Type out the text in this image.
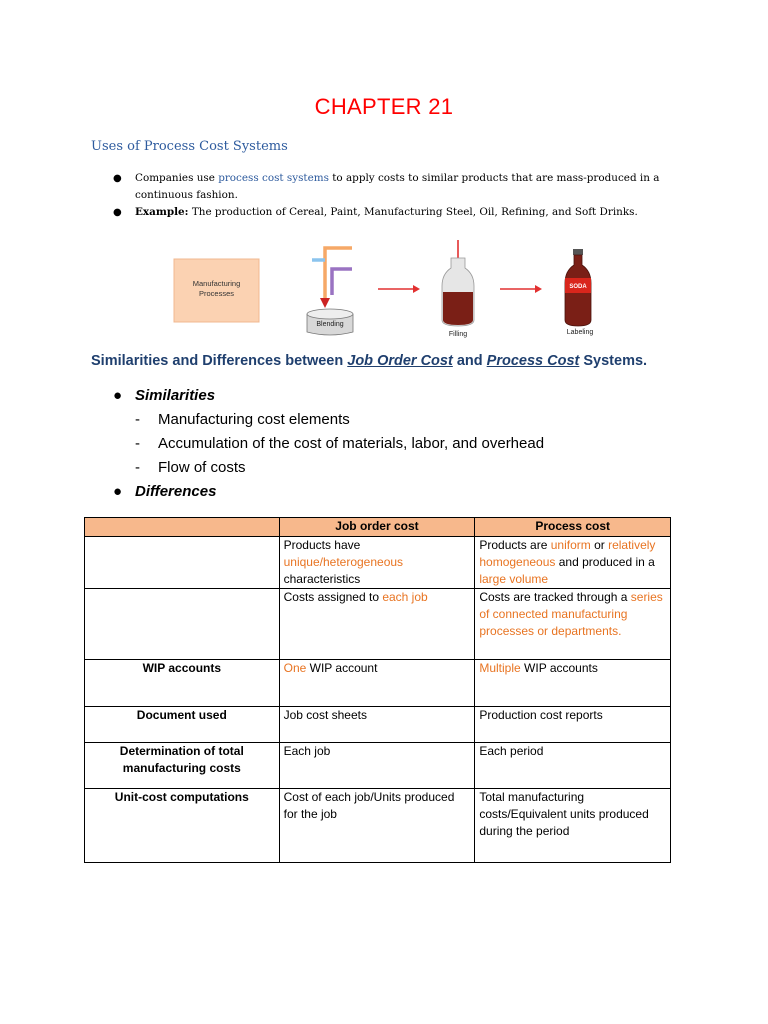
CHAPTER 21
Uses of Process Cost Systems
● Companies use process cost systems to apply costs to similar products that are mass-produced in a continuous fashion.
● Example: The production of Cereal, Paint, Manufacturing Steel, Oil, Refining, and Soft Drinks.
Manufacturing
Processes
Blending
Filling
SODA
Labeling
Similarities and Differences between Job Order Cost and Process Cost Systems.
● Similarities
- Manufacturing cost elements
- Accumulation of the cost of materials, labor, and overhead
- Flow of costs
● Differences
	Job order cost	Process cost
	Products have unique/heterogeneous characteristics	Products are uniform or relatively homogeneous and produced in a large volume
	Costs assigned to each job	Costs are tracked through a series of connected manufacturing processes or departments.
WIP accounts	One WIP account	Multiple WIP accounts
Document used	Job cost sheets	Production cost reports
Determination of total manufacturing costs	Each job	Each period
Unit-cost computations	Cost of each job/Units produced for the job	Total manufacturing costs/Equivalent units produced during the period
